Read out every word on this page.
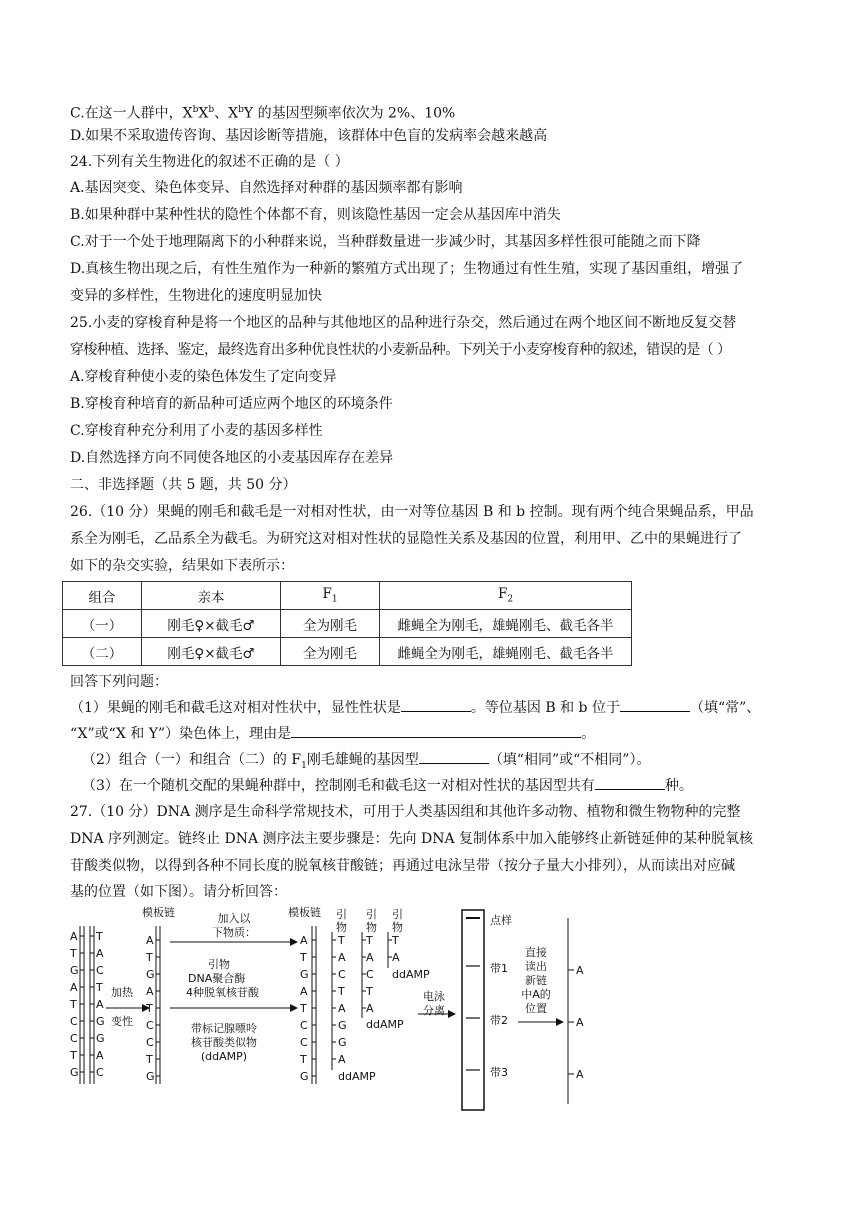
C.在这一人群中，$X^bX^b$、$X^bY$ 的基因型频率依次为 2%、10%
D.如果不采取遗传咨询、基因诊断等措施，该群体中色盲的发病率会越来越高
24.下列有关生物进化的叙述不正确的是（ ）
A.基因突变、染色体变异、自然选择对种群的基因频率都有影响
B.如果种群中某种性状的隐性个体都不育，则该隐性基因一定会从基因库中消失
C.对于一个处于地理隔离下的小种群来说，当种群数量进一步减少时，其基因多样性很可能随之而下降
D.真核生物出现之后，有性生殖作为一种新的繁殖方式出现了；生物通过有性生殖，实现了基因重组，增强了
变异的多样性，生物进化的速度明显加快
25.小麦的穿梭育种是将一个地区的品种与其他地区的品种进行杂交，然后通过在两个地区间不断地反复交替
穿梭种植、选择、鉴定，最终选育出多种优良性状的小麦新品种。下列关于小麦穿梭育种的叙述，错误的是（ ）
A.穿梭育种使小麦的染色体发生了定向变异
B.穿梭育种培育的新品种可适应两个地区的环境条件
C.穿梭育种充分利用了小麦的基因多样性
D.自然选择方向不同使各地区的小麦基因库存在差异
二、非选择题（共 5 题，共 50 分）
26.（10 分）果蝇的刚毛和截毛是一对相对性状，由一对等位基因 B 和 b 控制。现有两个纯合果蝇品系，甲品
系全为刚毛，乙品系全为截毛。为研究这对相对性状的显隐性关系及基因的位置，利用甲、乙中的果蝇进行了
如下的杂交实验，结果如下表所示：
组合	亲本	$F_1$	$F_2$
（一）	刚毛♀×截毛♂	全为刚毛	雌蝇全为刚毛，雄蝇刚毛、截毛各半
（二）	刚毛♀×截毛♂	全为刚毛	雌蝇全为刚毛，雄蝇刚毛、截毛各半
回答下列问题：
（1）果蝇的刚毛和截毛这对相对性状中，显性性状是	。等位基因 B 和 b 位于	（填“常”、
“X”或“X 和 Y”）染色体上，理由是	。
（2）组合（一）和组合（二）的 $F_1$刚毛雄蝇的基因型	（填“相同”或“不相同”）。
（3）在一个随机交配的果蝇种群中，控制刚毛和截毛这一对相对性状的基因型共有	种。
27.（10 分）DNA 测序是生命科学常规技术，可用于人类基因组和其他许多动物、植物和微生物物种的完整
DNA 序列测定。链终止 DNA 测序法主要步骤是：先向 DNA 复制体系中加入能够终止新链延伸的某种脱氧核
苷酸类似物，以得到各种不同长度的脱氧核苷酸链；再通过电泳呈带（按分子量大小排列），从而读出对应碱
基的位置（如下图）。请分析回答：
A
T
G
A
T
C
C
T
G
T
A
C
T
A
G
G
A
C
加热
变性
模板链
A
T
G
A
T
C
C
T
G
加入以
下物质：
引物
DNA聚合酶
4种脱氧核苷酸
带标记腺嘌呤
核苷酸类似物
(ddAMP)
模板链
A
T
G
A
T
C
C
T
G
引
物
引
物
引
物
T
A
C
T
A
G
G
A
T
A
C
T
A
T
A
ddAMP
ddAMP
ddAMP
电泳
分离
点样
带1
带2
带3
直接
读出
新链
中A的
位置
A
A
A
